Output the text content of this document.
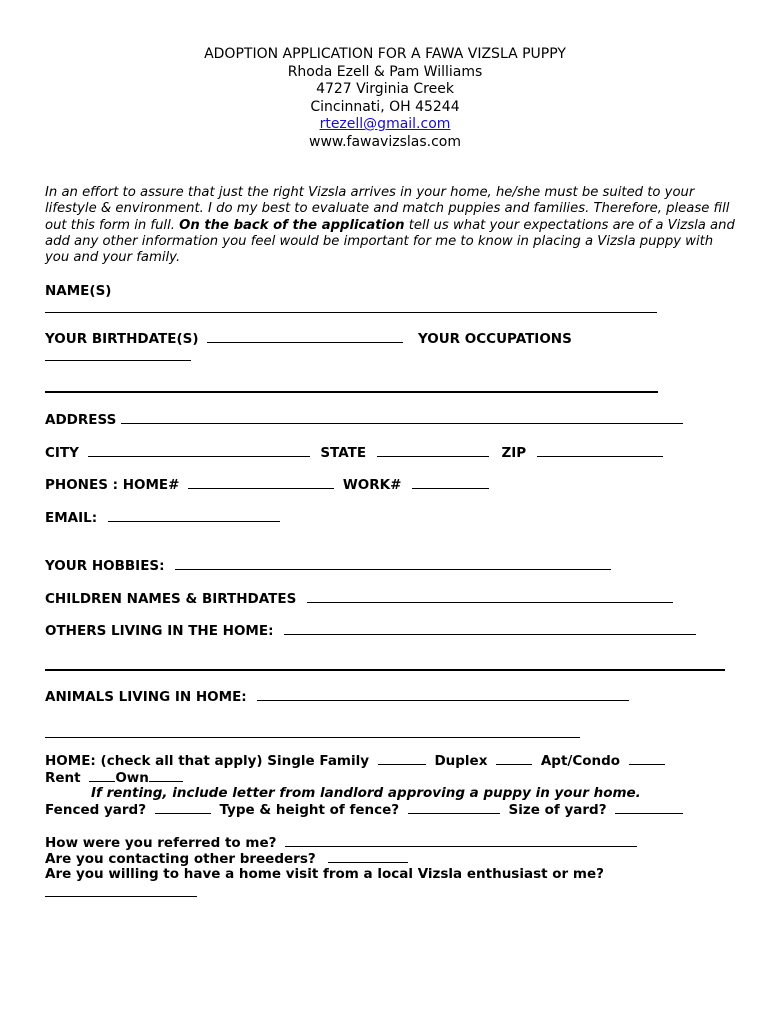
ADOPTION APPLICATION FOR A FAWA VIZSLA PUPPY
Rhoda Ezell & Pam Williams
4727 Virginia Creek
Cincinnati, OH 45244
rtezell@gmail.com
www.fawavizslas.com
In an effort to assure that just the right Vizsla arrives in your home, he/she must be suited to your lifestyle & environment. I do my best to evaluate and match puppies and families. Therefore, please fill out this form in full. On the back of the application tell us what your expectations are of a Vizsla and add any other information you feel would be important for me to know in placing a Vizsla puppy with you and your family.
NAME(S)
YOUR BIRTHDATE(S)	YOUR OCCUPATIONS
ADDRESS
CITY	STATE	ZIP
PHONES : HOME#	WORK#
EMAIL:
YOUR HOBBIES:
CHILDREN NAMES & BIRTHDATES
OTHERS LIVING IN THE HOME:
ANIMALS LIVING IN HOME:
HOME: (check all that apply) Single Family	Duplex	Apt/Condo
Rent	Own
If renting, include letter from landlord approving a puppy in your home.
Fenced yard?	Type & height of fence?	Size of yard?
How were you referred to me?
Are you contacting other breeders?
Are you willing to have a home visit from a local Vizsla enthusiast or me?
